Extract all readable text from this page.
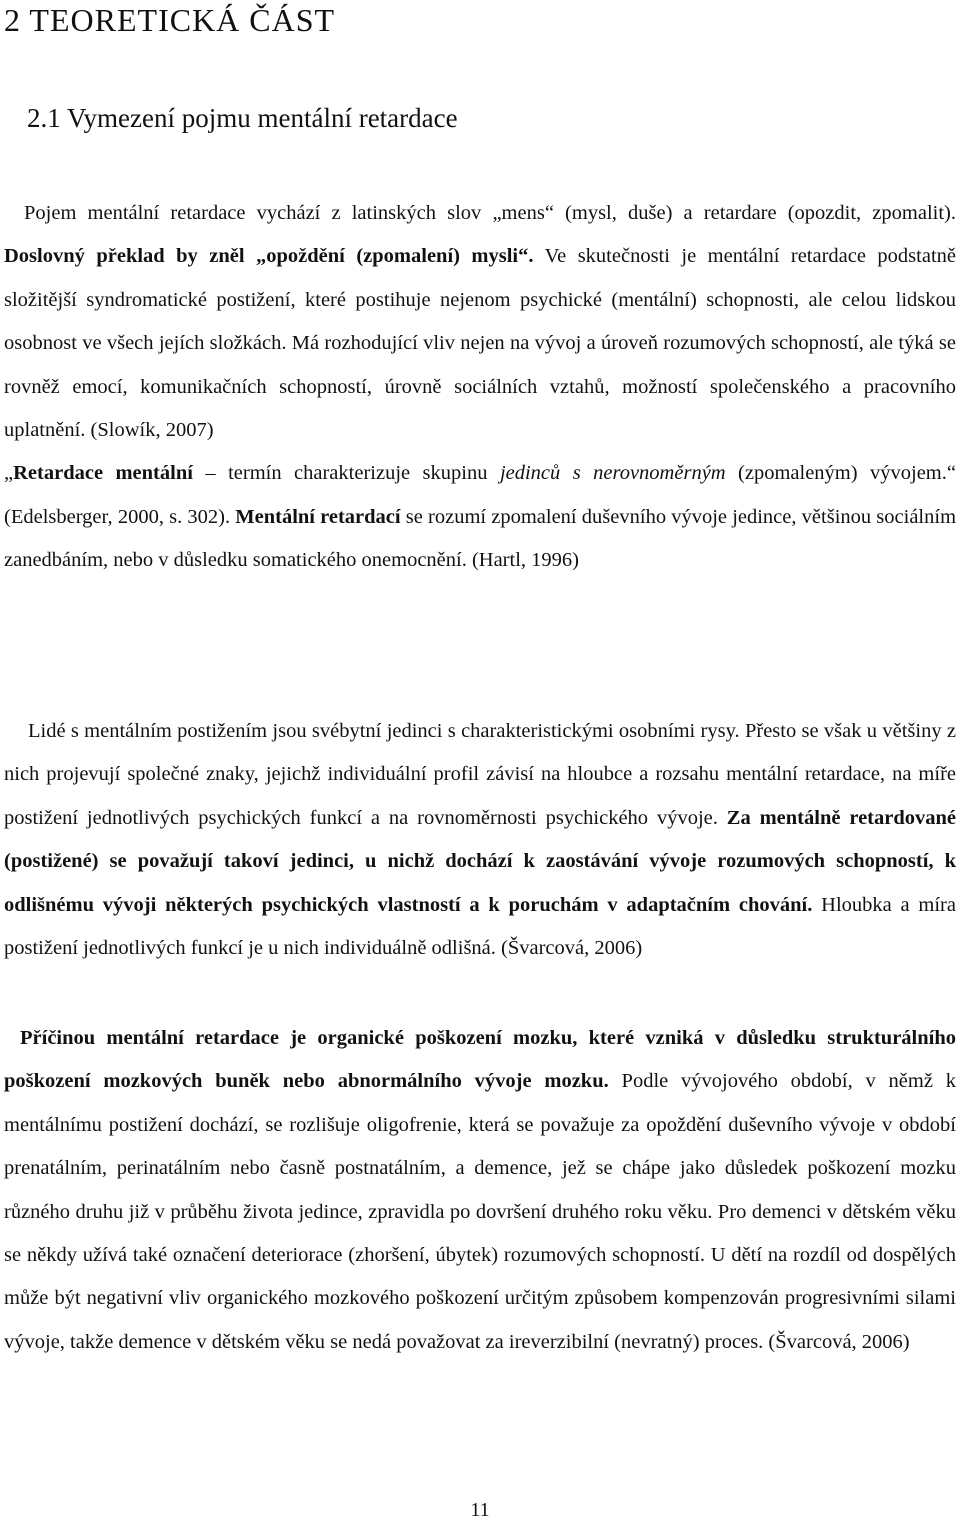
2 TEORETICKÁ ČÁST
2.1 Vymezení pojmu mentální retardace

Pojem mentální retardace vychází z latinských slov „mens“ (mysl, duše) a retardare (opozdit, zpomalit). Doslovný překlad by zněl „opoždění (zpomalení) mysli“. Ve skutečnosti je mentální retardace podstatně složitější syndromatické postižení, které postihuje nejenom psychické (mentální) schopnosti, ale celou lidskou osobnost ve všech jejích složkách. Má rozhodující vliv nejen na vývoj a úroveň rozumových schopností, ale týká se rovněž emocí, komunikačních schopností, úrovně sociálních vztahů, možností společenského a pracovního uplatnění. (Slowík, 2007)
„Retardace mentální – termín charakterizuje skupinu jedinců s nerovnoměrným (zpomaleným) vývojem.“ (Edelsberger, 2000, s. 302). Mentální retardací se rozumí zpomalení duševního vývoje jedince, většinou sociálním zanedbáním, nebo v důsledku somatického onemocnění. (Hartl, 1996)

Lidé s mentálním postižením jsou svébytní jedinci s charakteristickými osobními rysy. Přesto se však u většiny z nich projevují společné znaky, jejichž individuální profil závisí na hloubce a rozsahu mentální retardace, na míře postižení jednotlivých psychických funkcí a na rovnoměrnosti psychického vývoje. Za mentálně retardované (postižené) se považují takoví jedinci, u nichž dochází k zaostávání vývoje rozumových schopností, k odlišnému vývoji některých psychických vlastností a k poruchám v adaptačním chování. Hloubka a míra postižení jednotlivých funkcí je u nich individuálně odlišná. (Švarcová, 2006)

Příčinou mentální retardace je organické poškození mozku, které vzniká v důsledku strukturálního poškození mozkových buněk nebo abnormálního vývoje mozku. Podle vývojového období, v němž k mentálnímu postižení dochází, se rozlišuje oligofrenie, která se považuje za opoždění duševního vývoje v období prenatálním, perinatálním nebo časně postnatálním, a demence, jež se chápe jako důsledek poškození mozku různého druhu již v průběhu života jedince, zpravidla po dovršení druhého roku věku. Pro demenci v dětském věku se někdy užívá také označení deteriorace (zhoršení, úbytek) rozumových schopností. U dětí na rozdíl od dospělých může být negativní vliv organického mozkového poškození určitým způsobem kompenzován progresivními silami vývoje, takže demence v dětském věku se nedá považovat za ireverzibilní (nevratný) proces. (Švarcová, 2006)

11
